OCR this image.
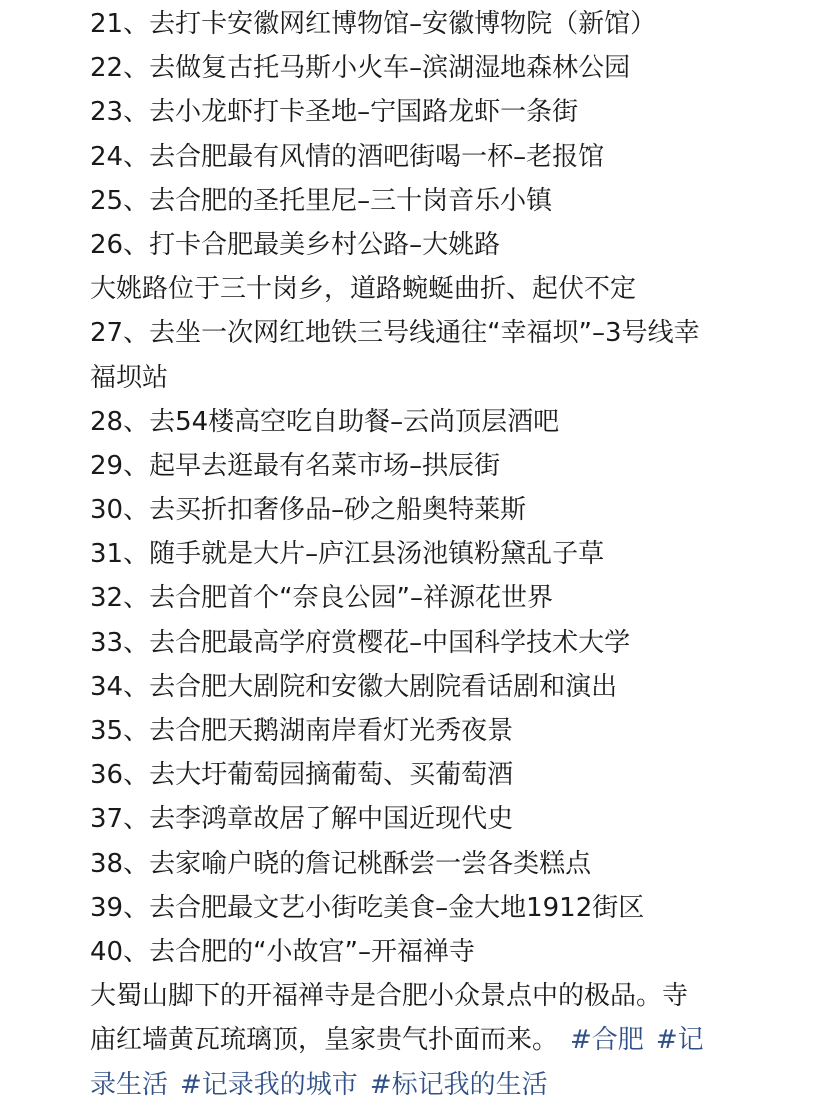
21、去打卡安徽网红博物馆–安徽博物院（新馆）
22、去做复古托马斯小火车–滨湖湿地森林公园
23、去小龙虾打卡圣地–宁国路龙虾一条街
24、去合肥最有风情的酒吧街喝一杯–老报馆
25、去合肥的圣托里尼–三十岗音乐小镇
26、打卡合肥最美乡村公路–大姚路
大姚路位于三十岗乡，道路蜿蜒曲折、起伏不定
27、去坐一次网红地铁三号线通往“幸福坝”–3号线幸
福坝站
28、去54楼高空吃自助餐–云尚顶层酒吧
29、起早去逛最有名菜市场–拱辰街
30、去买折扣奢侈品–砂之船奥特莱斯
31、随手就是大片–庐江县汤池镇粉黛乱子草
32、去合肥首个“奈良公园”–祥源花世界
33、去合肥最高学府赏樱花–中国科学技术大学
34、去合肥大剧院和安徽大剧院看话剧和演出
35、去合肥天鹅湖南岸看灯光秀夜景
36、去大圩葡萄园摘葡萄、买葡萄酒
37、去李鸿章故居了解中国近现代史
38、去家喻户晓的詹记桃酥尝一尝各类糕点
39、去合肥最文艺小街吃美食–金大地1912街区
40、去合肥的“小故宫”–开福禅寺
大蜀山脚下的开福禅寺是合肥小众景点中的极品。寺
庙红墙黄瓦琉璃顶，皇家贵气扑面而来。 #合肥 #记
录生活 #记录我的城市 #标记我的生活
